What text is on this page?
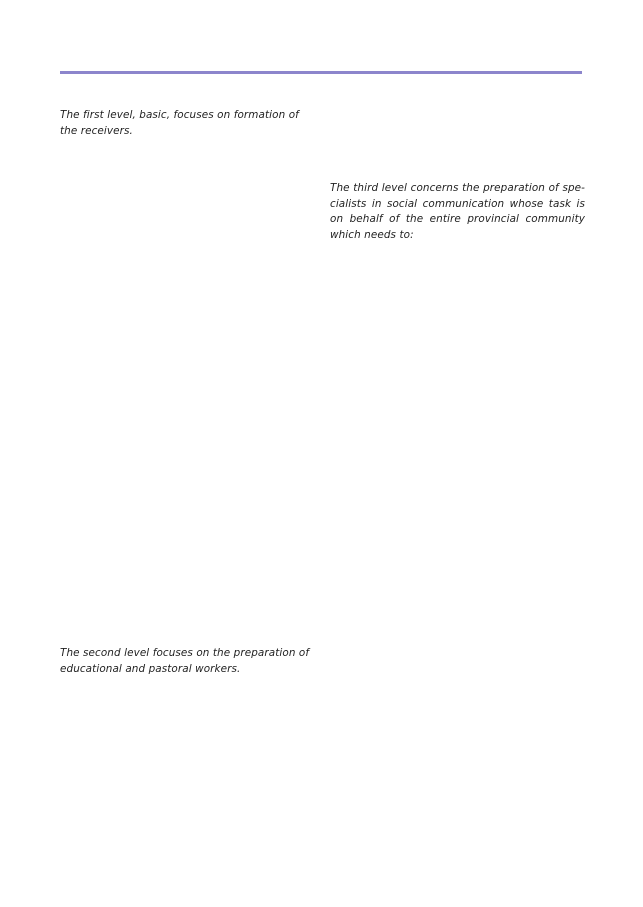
The first level, basic, focuses on formation of the receivers.

The third level concerns the preparation of spe-cialists in social communication whose task is on behalf of the entire provincial community which needs to:

The second level focuses on the preparation of educational and pastoral workers.
